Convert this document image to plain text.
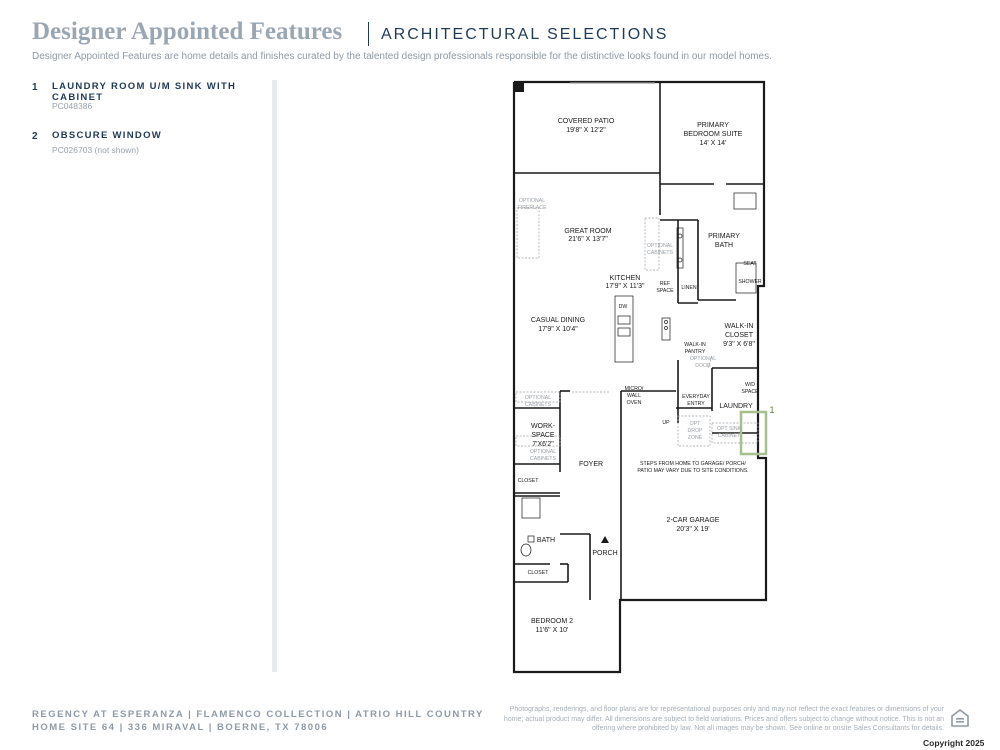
Designer Appointed Features ARCHITECTURAL SELECTIONS
Designer Appointed Features are home details and finishes curated by the talented design professionals responsible for the distinctive looks found in our model homes.
1 LAUNDRY ROOM U/M SINK WITH CABINET
PC048386
2 OBSCURE WINDOW
PC026703 (not shown)
1
COVERED PATIO
19'8" X 12'2"
PRIMARY
BEDROOM SUITE
14' X 14'
GREAT ROOM
21'6" X 13'7"	PRIMARY
BATH
KITCHEN
17'9" X 11'3"
CASUAL DINING
17'9" X 10'4"	WALK-IN
CLOSET
9'3" X 6'8"
LAUNDRY
WORK-
SPACE
7'X6'2"
FOYER
2-CAR GARAGE
20'3" X 19'
BATH
PORCH
BEDROOM 2
11'6" X 10'
SEAT
SHOWER
REF
SPACE LINEN
DW
WALK-IN
PANTRY
MICRO/
WALL
OVEN
EVERYDAY
ENTRY
W/D
SPACE
UP
CLOSET
CLOSET
OPTIONAL
FIREPLACE
OPTIONAL
CABINETS
OPTIONAL
DOOR
OPTIONAL
CABINETS
OPTIONAL
CABINETS
OPT
DROP
ZONE
OPT SINK
CABINET
STEPS FROM HOME TO GARAGE/ PORCH/
PATIO MAY VARY DUE TO SITE CONDITIONS.
REGENCY AT ESPERANZA | FLAMENCO COLLECTION | ATRIO HILL COUNTRY
HOME SITE 64 | 336 MIRAVAL | BOERNE, TX 78006
Photographs, renderings, and floor plans are for representational purposes only and may not reflect the exact features or dimensions of your home; actual product may differ. All dimensions are subject to field variations. Prices and offers subject to change without notice. This is not an offering where prohibited by law. Not all images may be shown. See online or onsite Sales Consultants for details.
Copyright 2025
